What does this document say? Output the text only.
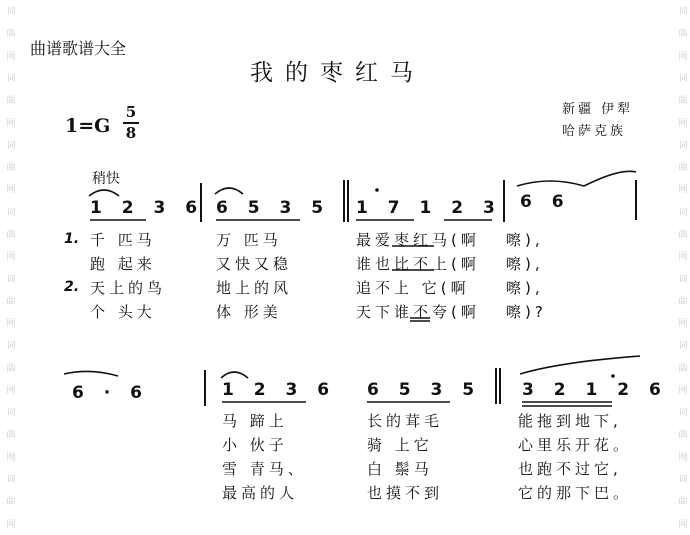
词
曲
网
词
曲
网
词
曲
网
词
曲
网
词
曲
网
词
曲
网
词
曲
网
词
曲
网
词
曲
网
词
曲
网
词
曲
网
词
曲
网
词
曲
网
词
曲
网
词
曲
网
词
曲
网
曲谱歌谱大全
我的枣红马
1=G
5
8
新疆 伊犁
哈萨克族
稍快
1 2 3 6 6 5 3 5 1 7 1 2 3 6 6
1.
2.
千 匹马	万 匹马	最爱枣红马(啊 嚓),
跑 起来	又快又稳	谁也比不上(啊 嚓),
天上的鸟	地上的风	追不上 它(啊 嚓),
个 头大	体 形美	天下谁不夸(啊 嚓)?
6 · 6	1 2 3 6 6 5 3 5 3 2 1 2 6
马 蹄上	长的茸毛	能拖到地下,
小 伙子	骑 上它	心里乐开花。
雪 青马、	白 鬃马	也跑不过它,
最高的人	也摸不到	它的那下巴。
